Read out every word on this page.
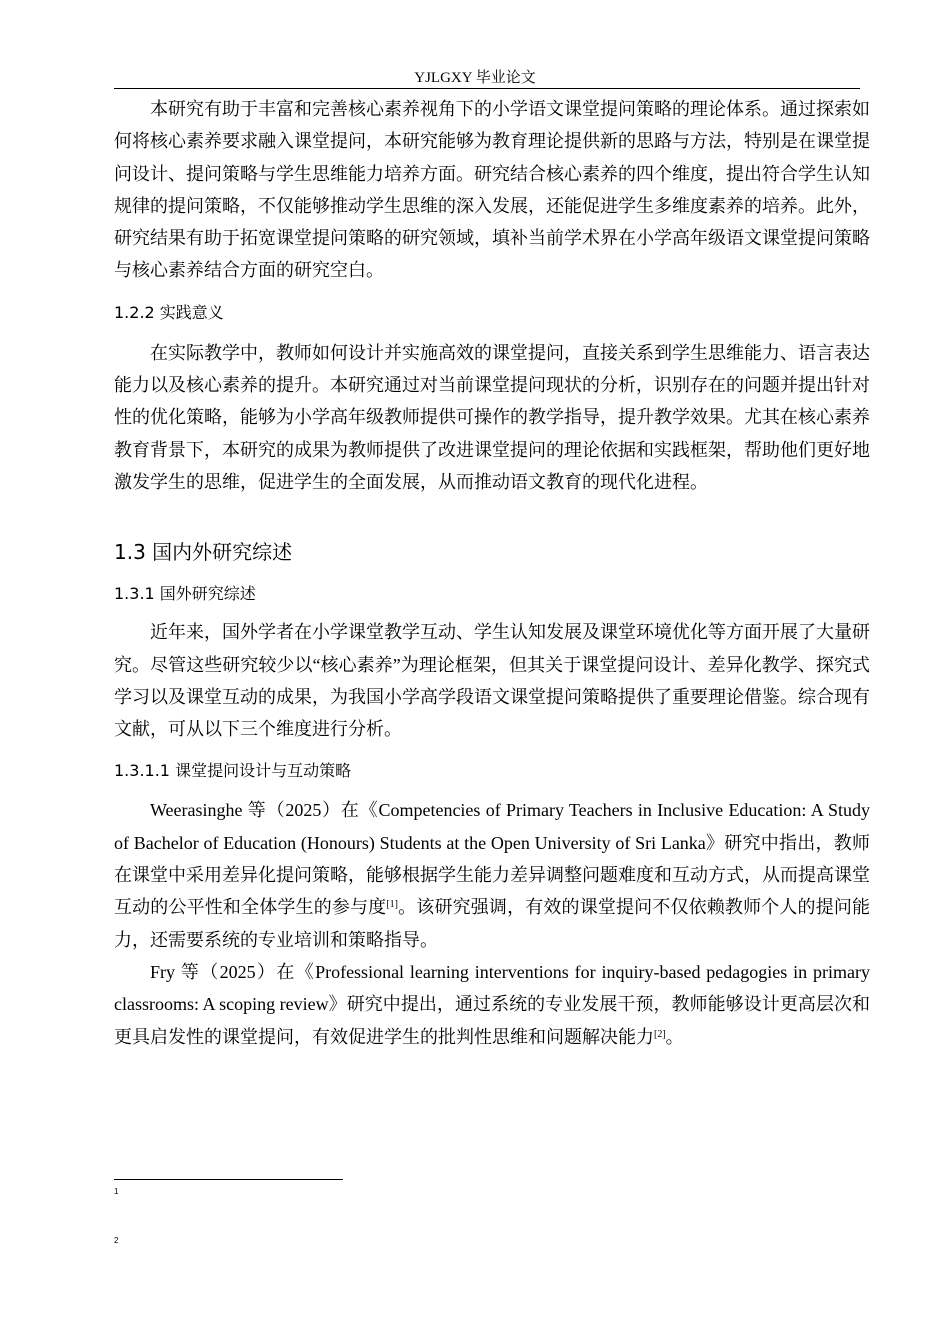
YJLGXY 毕业论文

本研究有助于丰富和完善核心素养视角下的小学语文课堂提问策略的理论体系。通过探索如何将核心素养要求融入课堂提问，本研究能够为教育理论提供新的思路与方法，特别是在课堂提问设计、提问策略与学生思维能力培养方面。研究结合核心素养的四个维度，提出符合学生认知规律的提问策略，不仅能够推动学生思维的深入发展，还能促进学生多维度素养的培养。此外，研究结果有助于拓宽课堂提问策略的研究领域，填补当前学术界在小学高年级语文课堂提问策略与核心素养结合方面的研究空白。

1.2.2 实践意义

在实际教学中，教师如何设计并实施高效的课堂提问，直接关系到学生思维能力、语言表达能力以及核心素养的提升。本研究通过对当前课堂提问现状的分析，识别存在的问题并提出针对性的优化策略，能够为小学高年级教师提供可操作的教学指导，提升教学效果。尤其在核心素养教育背景下，本研究的成果为教师提供了改进课堂提问的理论依据和实践框架，帮助他们更好地激发学生的思维，促进学生的全面发展，从而推动语文教育的现代化进程。

1.3 国内外研究综述

1.3.1 国外研究综述

近年来，国外学者在小学课堂教学互动、学生认知发展及课堂环境优化等方面开展了大量研究。尽管这些研究较少以“核心素养”为理论框架，但其关于课堂提问设计、差异化教学、探究式学习以及课堂互动的成果，为我国小学高学段语文课堂提问策略提供了重要理论借鉴。综合现有文献，可从以下三个维度进行分析。

1.3.1.1 课堂提问设计与互动策略

Weerasinghe 等（2025）在《Competencies of Primary Teachers in Inclusive Education: A Study of Bachelor of Education (Honours) Students at the Open University of Sri Lanka》研究中指出，教师在课堂中采用差异化提问策略，能够根据学生能力差异调整问题难度和互动方式，从而提高课堂互动的公平性和全体学生的参与度[1]。该研究强调，有效的课堂提问不仅依赖教师个人的提问能力，还需要系统的专业培训和策略指导。

Fry 等（2025）在《Professional learning interventions for inquiry-based pedagogies in primary classrooms: A scoping review》研究中提出，通过系统的专业发展干预，教师能够设计更高层次和更具启发性的课堂提问，有效促进学生的批判性思维和问题解决能力[2]。

1
2
